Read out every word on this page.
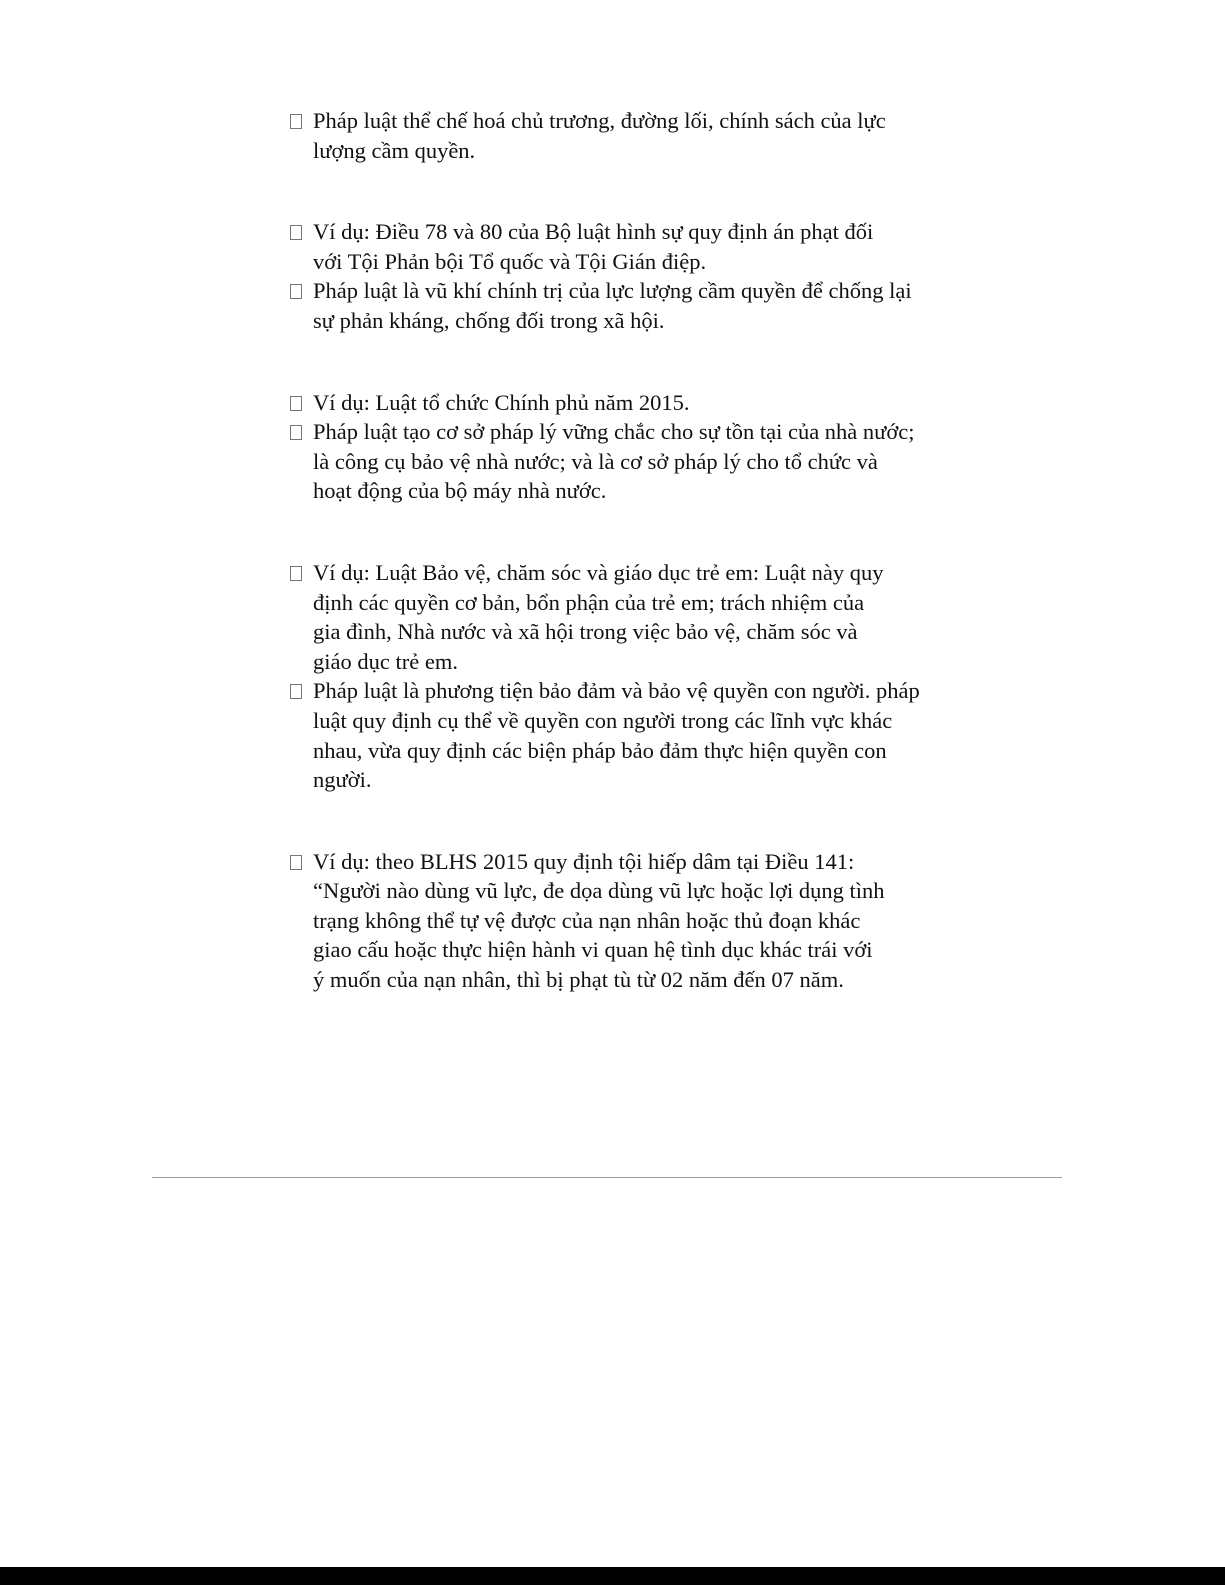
Pháp luật thể chế hoá chủ trương, đường lối, chính sách của lực
lượng cầm quyền.
Ví dụ: Điều 78 và 80 của Bộ luật hình sự quy định án phạt đối
với Tội Phản bội Tổ quốc và Tội Gián điệp.
Pháp luật là vũ khí chính trị của lực lượng cầm quyền để chống lại
sự phản kháng, chống đối trong xã hội.
Ví dụ: Luật tổ chức Chính phủ năm 2015.
Pháp luật tạo cơ sở pháp lý vững chắc cho sự tồn tại của nhà nước;
là công cụ bảo vệ nhà nước; và là cơ sở pháp lý cho tổ chức và
hoạt động của bộ máy nhà nước.
Ví dụ: Luật Bảo vệ, chăm sóc và giáo dục trẻ em: Luật này quy
định các quyền cơ bản, bổn phận của trẻ em; trách nhiệm của
gia đình, Nhà nước và xã hội trong việc bảo vệ, chăm sóc và
giáo dục trẻ em.
Pháp luật là phương tiện bảo đảm và bảo vệ quyền con người. pháp
luật quy định cụ thể về quyền con người trong các lĩnh vực khác
nhau, vừa quy định các biện pháp bảo đảm thực hiện quyền con
người.
Ví dụ: theo BLHS 2015 quy định tội hiếp dâm tại Điều 141:
“Người nào dùng vũ lực, đe dọa dùng vũ lực hoặc lợi dụng tình
trạng không thể tự vệ được của nạn nhân hoặc thủ đoạn khác
giao cấu hoặc thực hiện hành vi quan hệ tình dục khác trái với
ý muốn của nạn nhân, thì bị phạt tù từ 02 năm đến 07 năm.
